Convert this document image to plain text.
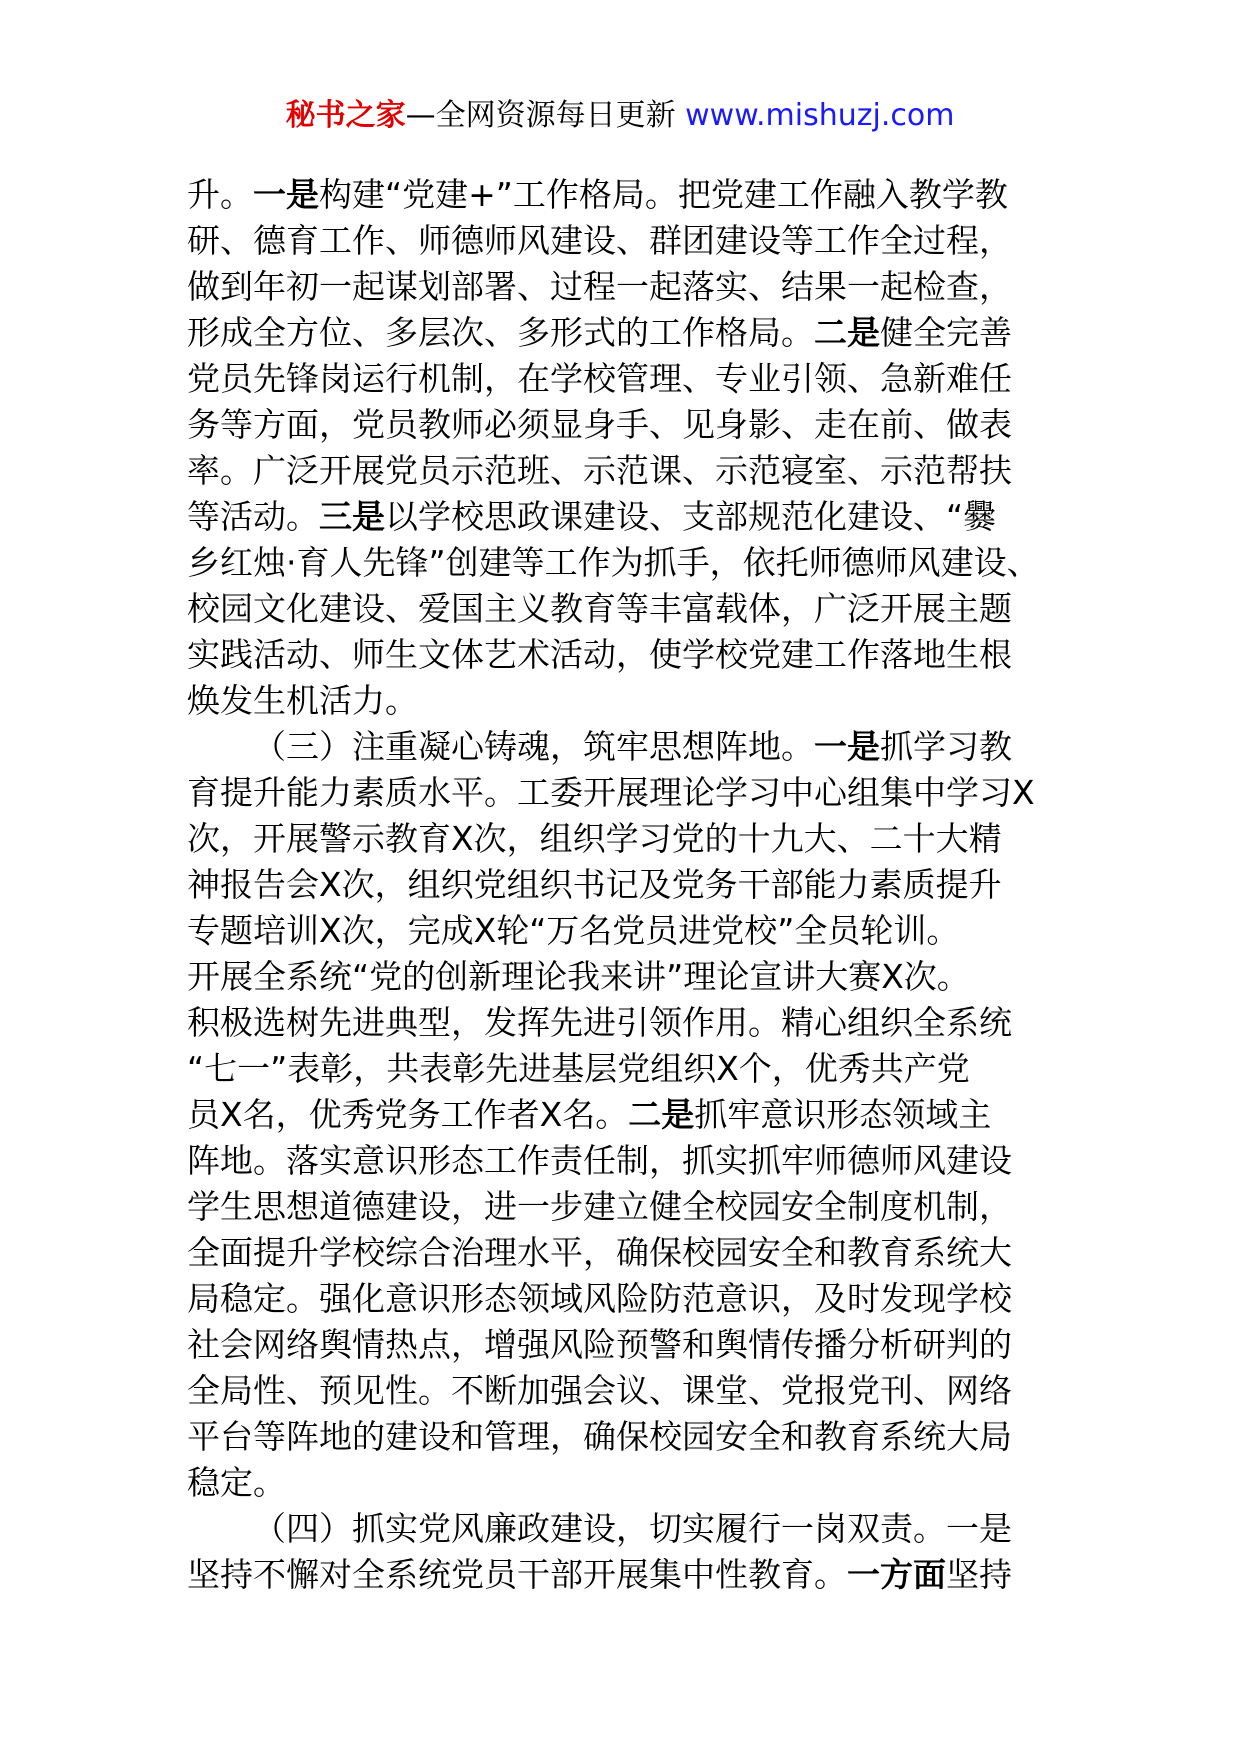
秘书之家—全网资源每日更新 www.mishuzj.com
升。一是构建“党建+”工作格局。把党建工作融入教学教
研、德育工作、师德师风建设、群团建设等工作全过程，
做到年初一起谋划部署、过程一起落实、结果一起检查，
形成全方位、多层次、多形式的工作格局。二是健全完善
党员先锋岗运行机制，在学校管理、专业引领、急新难任
务等方面，党员教师必须显身手、见身影、走在前、做表
率。广泛开展党员示范班、示范课、示范寝室、示范帮扶
等活动。三是以学校思政课建设、支部规范化建设、“爨
乡红烛·育人先锋”创建等工作为抓手，依托师德师风建设、
校园文化建设、爱国主义教育等丰富载体，广泛开展主题
实践活动、师生文体艺术活动，使学校党建工作落地生根
焕发生机活力。
（三）注重凝心铸魂，筑牢思想阵地。一是抓学习教
育提升能力素质水平。工委开展理论学习中心组集中学习X
次，开展警示教育X次，组织学习党的十九大、二十大精
神报告会X次，组织党组织书记及党务干部能力素质提升
专题培训X次，完成X轮“万名党员进党校”全员轮训。
开展全系统“党的创新理论我来讲”理论宣讲大赛X次。
积极选树先进典型，发挥先进引领作用。精心组织全系统
“七一”表彰，共表彰先进基层党组织X个，优秀共产党
员X名，优秀党务工作者X名。二是抓牢意识形态领域主
阵地。落实意识形态工作责任制，抓实抓牢师德师风建设
学生思想道德建设，进一步建立健全校园安全制度机制，
全面提升学校综合治理水平，确保校园安全和教育系统大
局稳定。强化意识形态领域风险防范意识，及时发现学校
社会网络舆情热点，增强风险预警和舆情传播分析研判的
全局性、预见性。不断加强会议、课堂、党报党刊、网络
平台等阵地的建设和管理，确保校园安全和教育系统大局
稳定。
（四）抓实党风廉政建设，切实履行一岗双责。一是
坚持不懈对全系统党员干部开展集中性教育。一方面坚持
